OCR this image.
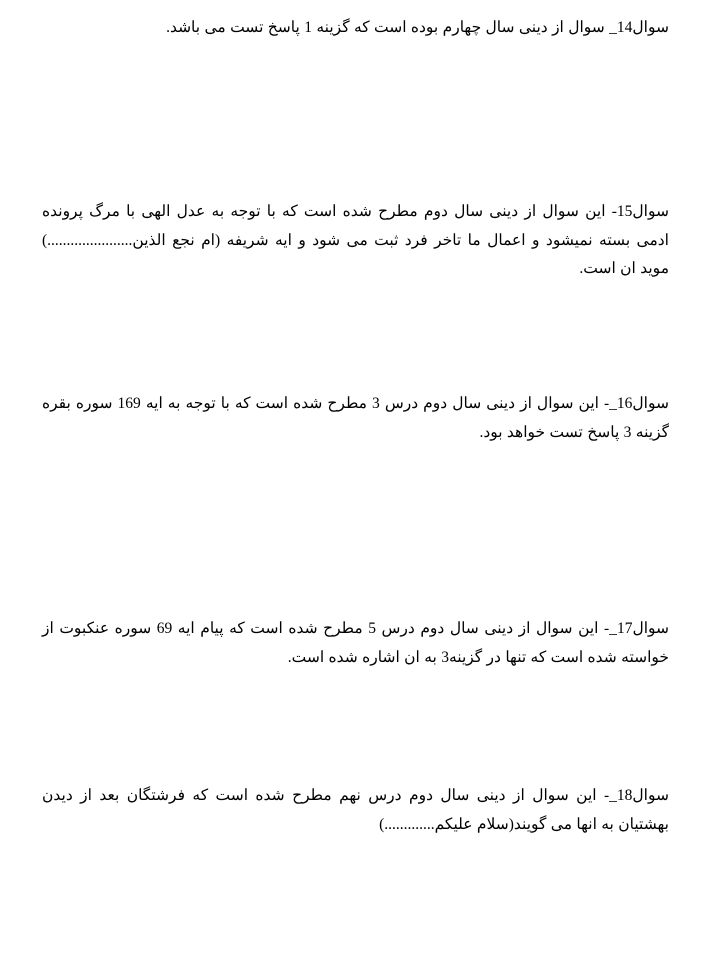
سوال14_ سوال از دینی سال چهارم بوده است که گزینه 1 پاسخ تست می باشد.

سوال15- این سوال از دینی سال دوم مطرح شده است که با توجه به عدل الهی با مرگ پرونده ادمی بسته نمیشود و اعمال ما تاخر فرد ثبت می شود و ایه شریفه (ام نجع الذین......................) موید ان است.

سوال16_- این سوال از دینی سال دوم درس 3 مطرح شده است که با توجه به ایه 169 سوره بقره گزینه 3 پاسخ تست خواهد بود.

سوال17_- این سوال از دینی سال دوم درس 5 مطرح شده است که پیام ایه 69 سوره عنکبوت از خواسته شده است که تنها در گزینه3 به ان اشاره شده است.

سوال18_- این سوال از دینی سال دوم درس نهم مطرح شده است که فرشتگان بعد از دیدن بهشتیان به انها می گویند(سلام علیکم.............)
